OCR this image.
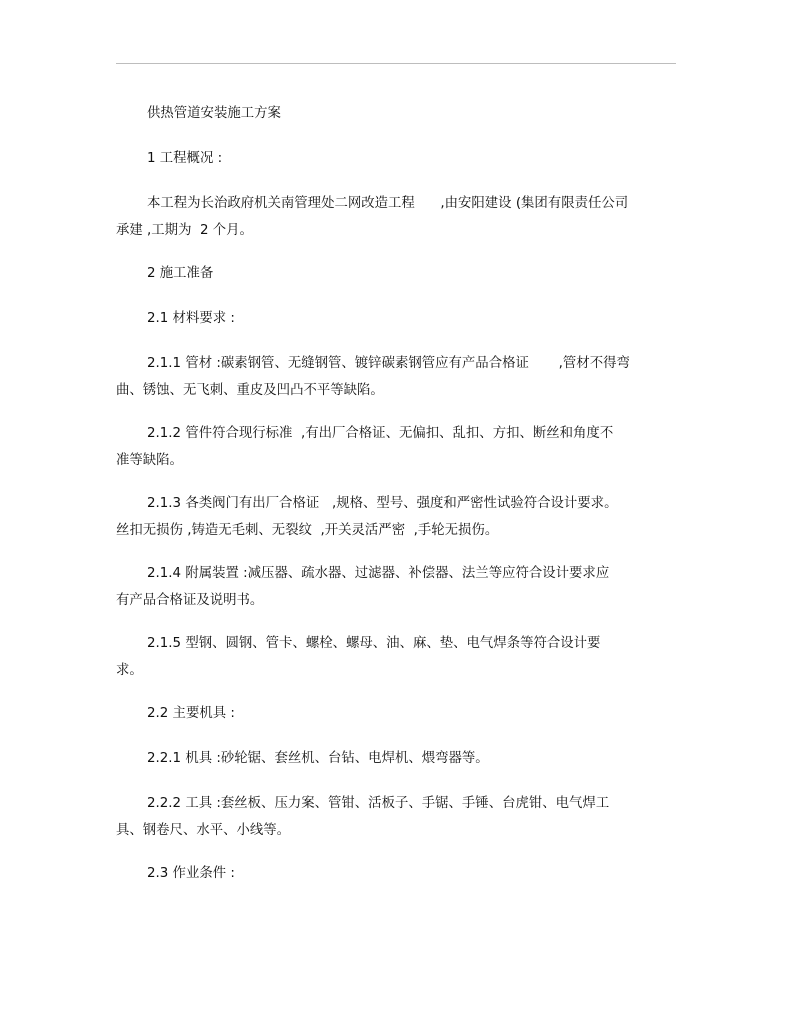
供热管道安装施工方案
1 工程概况 :
本工程为长治政府机关南管理处二网改造工程      ,由安阳建设 (集团有限责任公司
承建 ,工期为  2 个月。
2 施工准备
2.1 材料要求 :
2.1.1 管材 :碳素钢管、无缝钢管、镀锌碳素钢管应有产品合格证       ,管材不得弯
曲、锈蚀、无飞刺、重皮及凹凸不平等缺陷。
2.1.2 管件符合现行标准  ,有出厂合格证、无偏扣、乱扣、方扣、断丝和角度不
准等缺陷。
2.1.3 各类阀门有出厂合格证   ,规格、型号、强度和严密性试验符合设计要求。
丝扣无损伤 ,铸造无毛刺、无裂纹  ,开关灵活严密  ,手轮无损伤。
2.1.4 附属装置 :减压器、疏水器、过滤器、补偿器、法兰等应符合设计要求应
有产品合格证及说明书。
2.1.5 型钢、圆钢、管卡、螺栓、螺母、油、麻、垫、电气焊条等符合设计要
求。
2.2 主要机具 :
2.2.1 机具 :砂轮锯、套丝机、台钻、电焊机、煨弯器等。
2.2.2 工具 :套丝板、压力案、管钳、活板子、手锯、手锤、台虎钳、电气焊工
具、钢卷尺、水平、小线等。
2.3 作业条件 :
